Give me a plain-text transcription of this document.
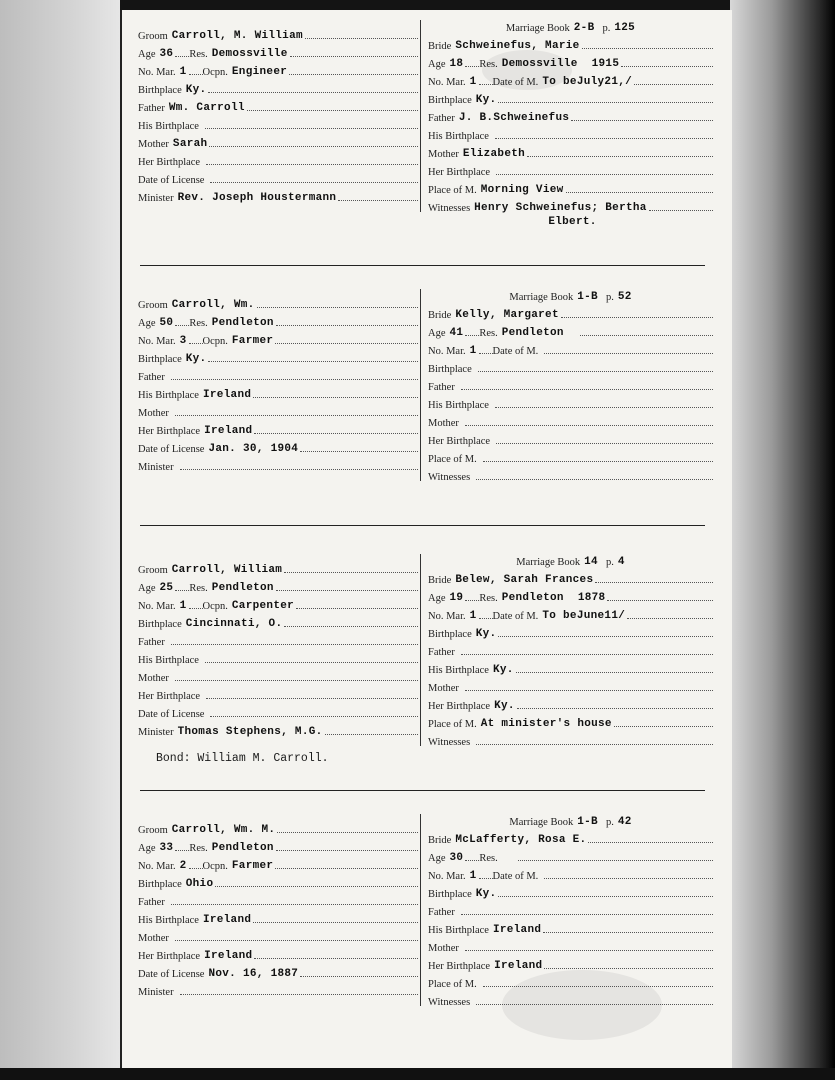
Groom Carroll, M. William
Age 36 Res. Demossville
No. Mar. 1 Ocpn. Engineer
Birthplace Ky.
Father Wm. Carroll
His Birthplace
Mother Sarah
Her Birthplace
Date of License
Minister Rev. Joseph Houstermann
Marriage Book 2-B p. 125
Bride Schweinefus, Marie
Age 18 Res. Demossville 1915
No. Mar. 1 Date of M. To beJuly21,/
Birthplace Ky.
Father J. B.Schweinefus
His Birthplace
Mother Elizabeth
Her Birthplace
Place of M. Morning View
Witnesses Henry Schweinefus; Bertha
Elbert.
Groom Carroll, Wm.
Age 50 Res. Pendleton
No. Mar. 3 Ocpn. Farmer
Birthplace Ky.
Father
His Birthplace Ireland
Mother
Her Birthplace Ireland
Date of License Jan. 30, 1904
Minister
Marriage Book 1-B p. 52
Bride Kelly, Margaret
Age 41 Res. Pendleton
No. Mar. 1 Date of M.
Birthplace
Father
His Birthplace
Mother
Her Birthplace
Place of M.
Witnesses
Groom Carroll, William
Age 25 Res. Pendleton
No. Mar. 1 Ocpn. Carpenter
Birthplace Cincinnati, O.
Father
His Birthplace
Mother
Her Birthplace
Date of License
Minister Thomas Stephens, M.G.
Marriage Book 14 p. 4
Bride Belew, Sarah Frances
Age 19 Res. Pendleton 1878
No. Mar. 1 Date of M. To beJune11/
Birthplace Ky.
Father
His Birthplace Ky.
Mother
Her Birthplace Ky.
Place of M. At minister's house
Witnesses
Bond: William M. Carroll.
Groom Carroll, Wm. M.
Age 33 Res. Pendleton
No. Mar. 2 Ocpn. Farmer
Birthplace Ohio
Father
His Birthplace Ireland
Mother
Her Birthplace Ireland
Date of License Nov. 16, 1887
Minister
Marriage Book 1-B p. 42
Bride McLafferty, Rosa E.
Age 30 Res.
No. Mar. 1 Date of M.
Birthplace Ky.
Father
His Birthplace Ireland
Mother
Her Birthplace Ireland
Place of M.
Witnesses
